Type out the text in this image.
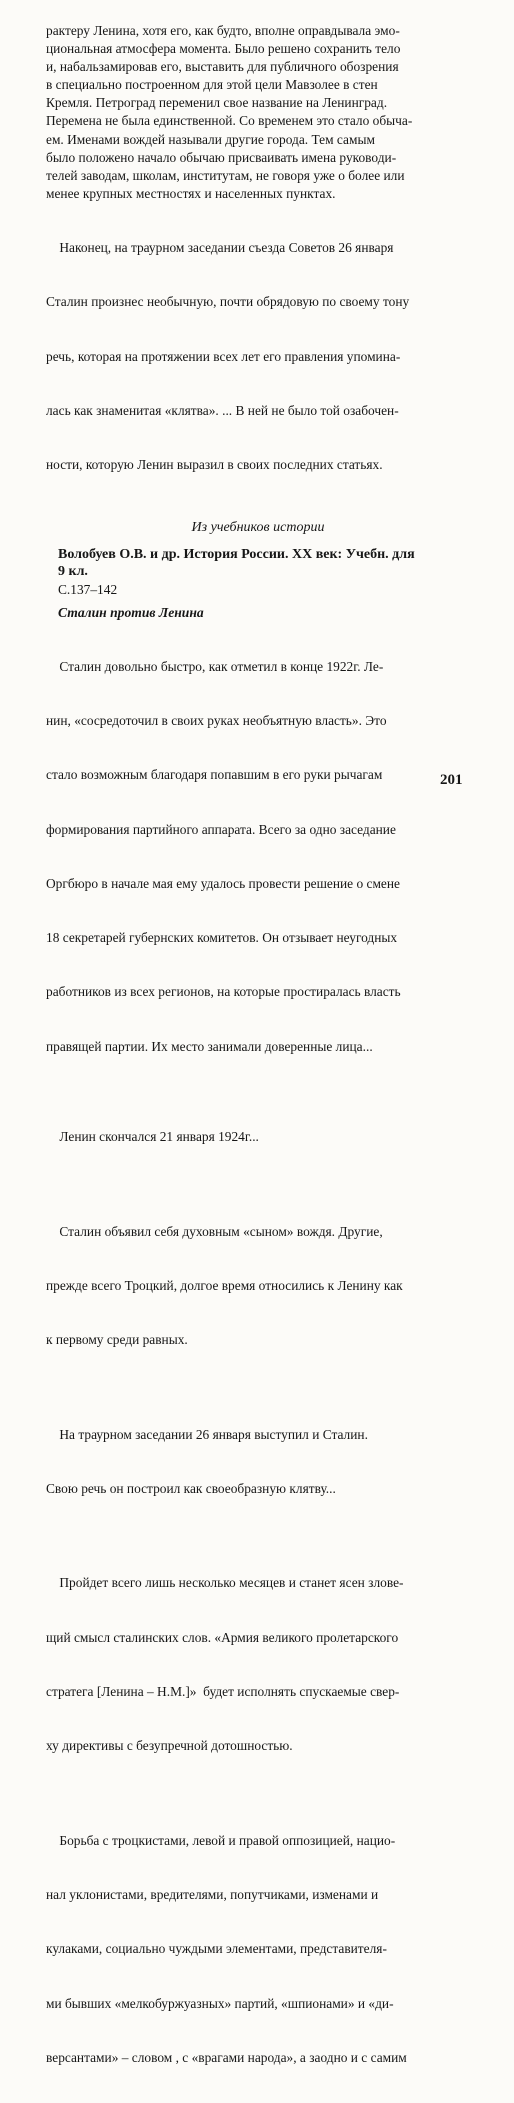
рактеру Ленина, хотя его, как будто, вполне оправдывала эмо-
циональная атмосфера момента. Было решено сохранить тело
и, набальзамировав его, выставить для публичного обозрения
в специально построенном для этой цели Мавзолее в стен
Кремля. Петроград переменил свое название на Ленинград.
Перемена не была единственной. Со временем это стало обыча-
ем. Именами вождей называли другие города. Тем самым
было положено начало обычаю присваивать имена руководи-
телей заводам, школам, институтам, не говоря уже о более или
менее крупных местностях и населенных пунктах.

Наконец, на траурном заседании съезда Советов 26 января

Сталин произнес необычную, почти обрядовую по своему тону

речь, которая на протяжении всех лет его правления упомина-

лась как знаменитая «клятва». ... В ней не было той озабочен-

ности, которую Ленин выразил в своих последних статьях.

Из учебников истории
Волобуев О.В. и др. История России. XX век: Учебн. для
9 кл.
С.137–142
Сталин против Ленина

Сталин довольно быстро, как отметил в конце 1922г. Ле-

нин, «сосредоточил в своих руках необъятную власть». Это

стало возможным благодаря попавшим в его руки рычагам

формирования партийного аппарата. Всего за одно заседание

Оргбюро в начале мая ему удалось провести решение о смене

18 секретарей губернских комитетов. Он отзывает неугодных

работников из всех регионов, на которые простиралась власть

правящей партии. Их место занимали доверенные лица...

Ленин скончался 21 января 1924г...

Сталин объявил себя духовным «сыном» вождя. Другие,

прежде всего Троцкий, долгое время относились к Ленину как

к первому среди равных.

На траурном заседании 26 января выступил и Сталин.

Свою речь он построил как своеобразную клятву...

Пройдет всего лишь несколько месяцев и станет ясен злове-

щий смысл сталинских слов. «Армия великого пролетарского

стратега [Ленина – Н.М.]»  будет исполнять спускаемые свер-

ху директивы с безупречной дотошностью.

Борьба с троцкистами, левой и правой оппозицией, нацио-

нал уклонистами, вредителями, попутчиками, изменами и

кулаками, социально чуждыми элементами, представителя-

ми бывших «мелкобуржуазных» партий, «шпионами» и «ди-

версантами» – словом , с «врагами народа», а заодно и с самим

201
